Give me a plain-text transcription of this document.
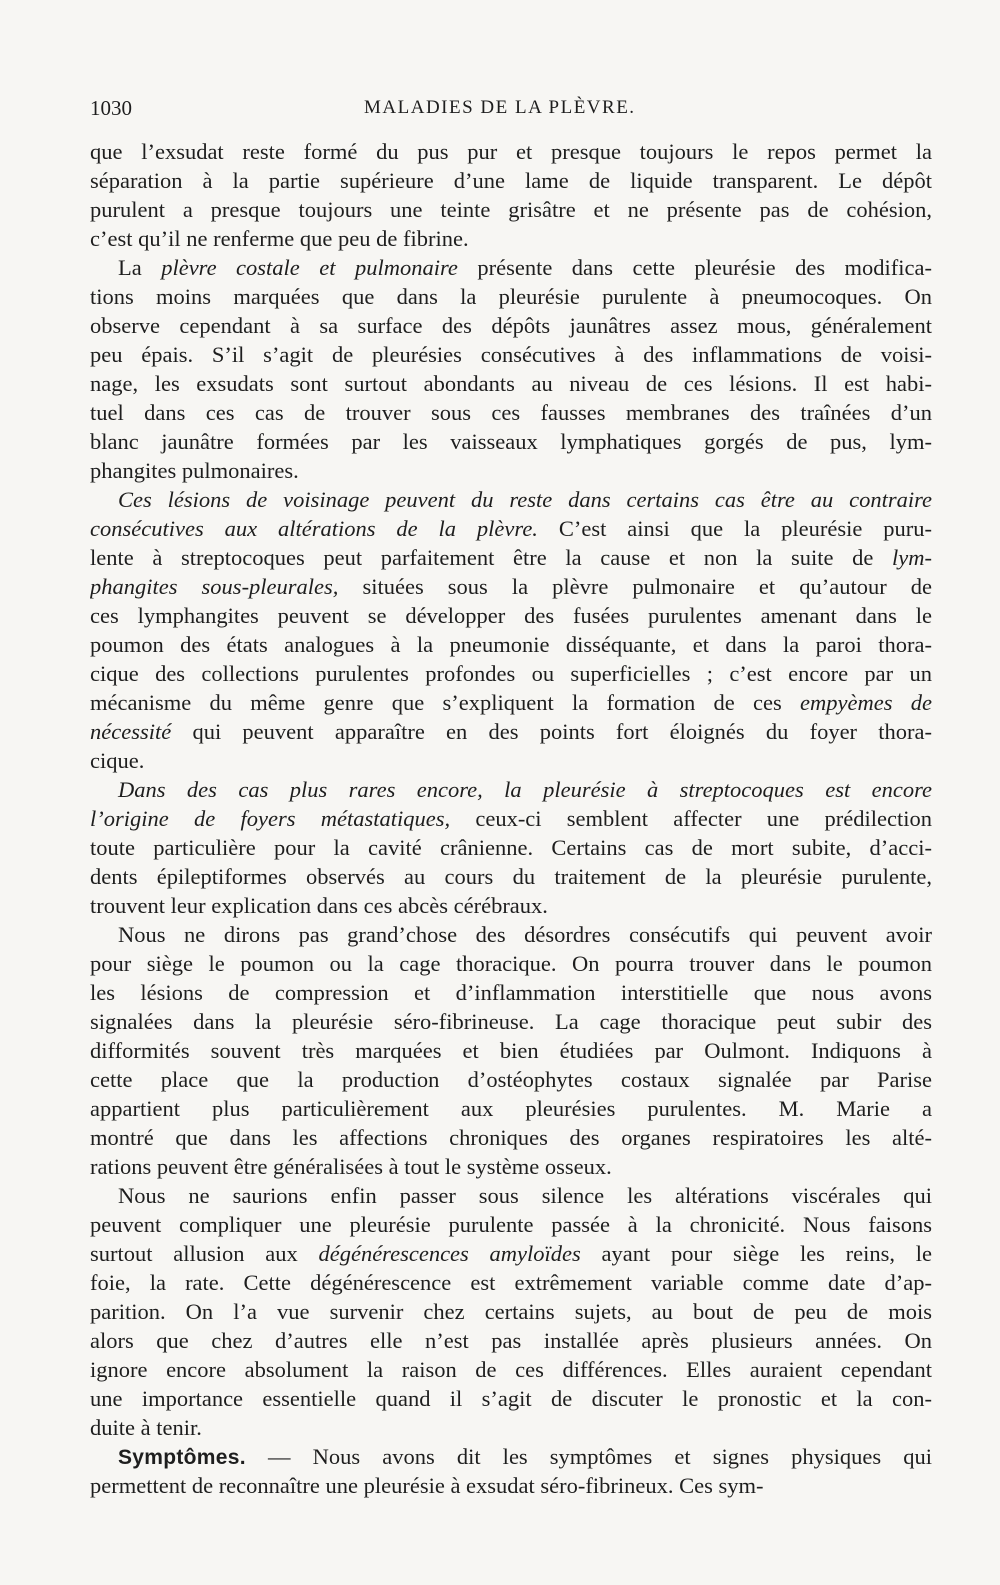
1030	MALADIES DE LA PLÈVRE.
que l’exsudat reste formé du pus pur et presque toujours le repos permet la
séparation à la partie supérieure d’une lame de liquide transparent. Le dépôt
purulent a presque toujours une teinte grisâtre et ne présente pas de cohésion,
c’est qu’il ne renferme que peu de fibrine.
La plèvre costale et pulmonaire présente dans cette pleurésie des modifica-
tions moins marquées que dans la pleurésie purulente à pneumocoques. On
observe cependant à sa surface des dépôts jaunâtres assez mous, généralement
peu épais. S’il s’agit de pleurésies consécutives à des inflammations de voisi-
nage, les exsudats sont surtout abondants au niveau de ces lésions. Il est habi-
tuel dans ces cas de trouver sous ces fausses membranes des traînées d’un
blanc jaunâtre formées par les vaisseaux lymphatiques gorgés de pus, lym-
phangites pulmonaires.
Ces lésions de voisinage peuvent du reste dans certains cas être au contraire
consécutives aux altérations de la plèvre. C’est ainsi que la pleurésie puru-
lente à streptocoques peut parfaitement être la cause et non la suite de lym-
phangites sous-pleurales, situées sous la plèvre pulmonaire et qu’autour de
ces lymphangites peuvent se développer des fusées purulentes amenant dans le
poumon des états analogues à la pneumonie disséquante, et dans la paroi thora-
cique des collections purulentes profondes ou superficielles ; c’est encore par un
mécanisme du même genre que s’expliquent la formation de ces empyèmes de
nécessité qui peuvent apparaître en des points fort éloignés du foyer thora-
cique.
Dans des cas plus rares encore, la pleurésie à streptocoques est encore
l’origine de foyers métastatiques, ceux-ci semblent affecter une prédilection
toute particulière pour la cavité crânienne. Certains cas de mort subite, d’acci-
dents épileptiformes observés au cours du traitement de la pleurésie purulente,
trouvent leur explication dans ces abcès cérébraux.
Nous ne dirons pas grand’chose des désordres consécutifs qui peuvent avoir
pour siège le poumon ou la cage thoracique. On pourra trouver dans le poumon
les lésions de compression et d’inflammation interstitielle que nous avons
signalées dans la pleurésie séro-fibrineuse. La cage thoracique peut subir des
difformités souvent très marquées et bien étudiées par Oulmont. Indiquons à
cette place que la production d’ostéophytes costaux signalée par Parise
appartient plus particulièrement aux pleurésies purulentes. M. Marie a
montré que dans les affections chroniques des organes respiratoires les alté-
rations peuvent être généralisées à tout le système osseux.
Nous ne saurions enfin passer sous silence les altérations viscérales qui
peuvent compliquer une pleurésie purulente passée à la chronicité. Nous faisons
surtout allusion aux dégénérescences amyloïdes ayant pour siège les reins, le
foie, la rate. Cette dégénérescence est extrêmement variable comme date d’ap-
parition. On l’a vue survenir chez certains sujets, au bout de peu de mois
alors que chez d’autres elle n’est pas installée après plusieurs années. On
ignore encore absolument la raison de ces différences. Elles auraient cependant
une importance essentielle quand il s’agit de discuter le pronostic et la con-
duite à tenir.
Symptômes. — Nous avons dit les symptômes et signes physiques qui
permettent de reconnaître une pleurésie à exsudat séro-fibrineux. Ces sym-
